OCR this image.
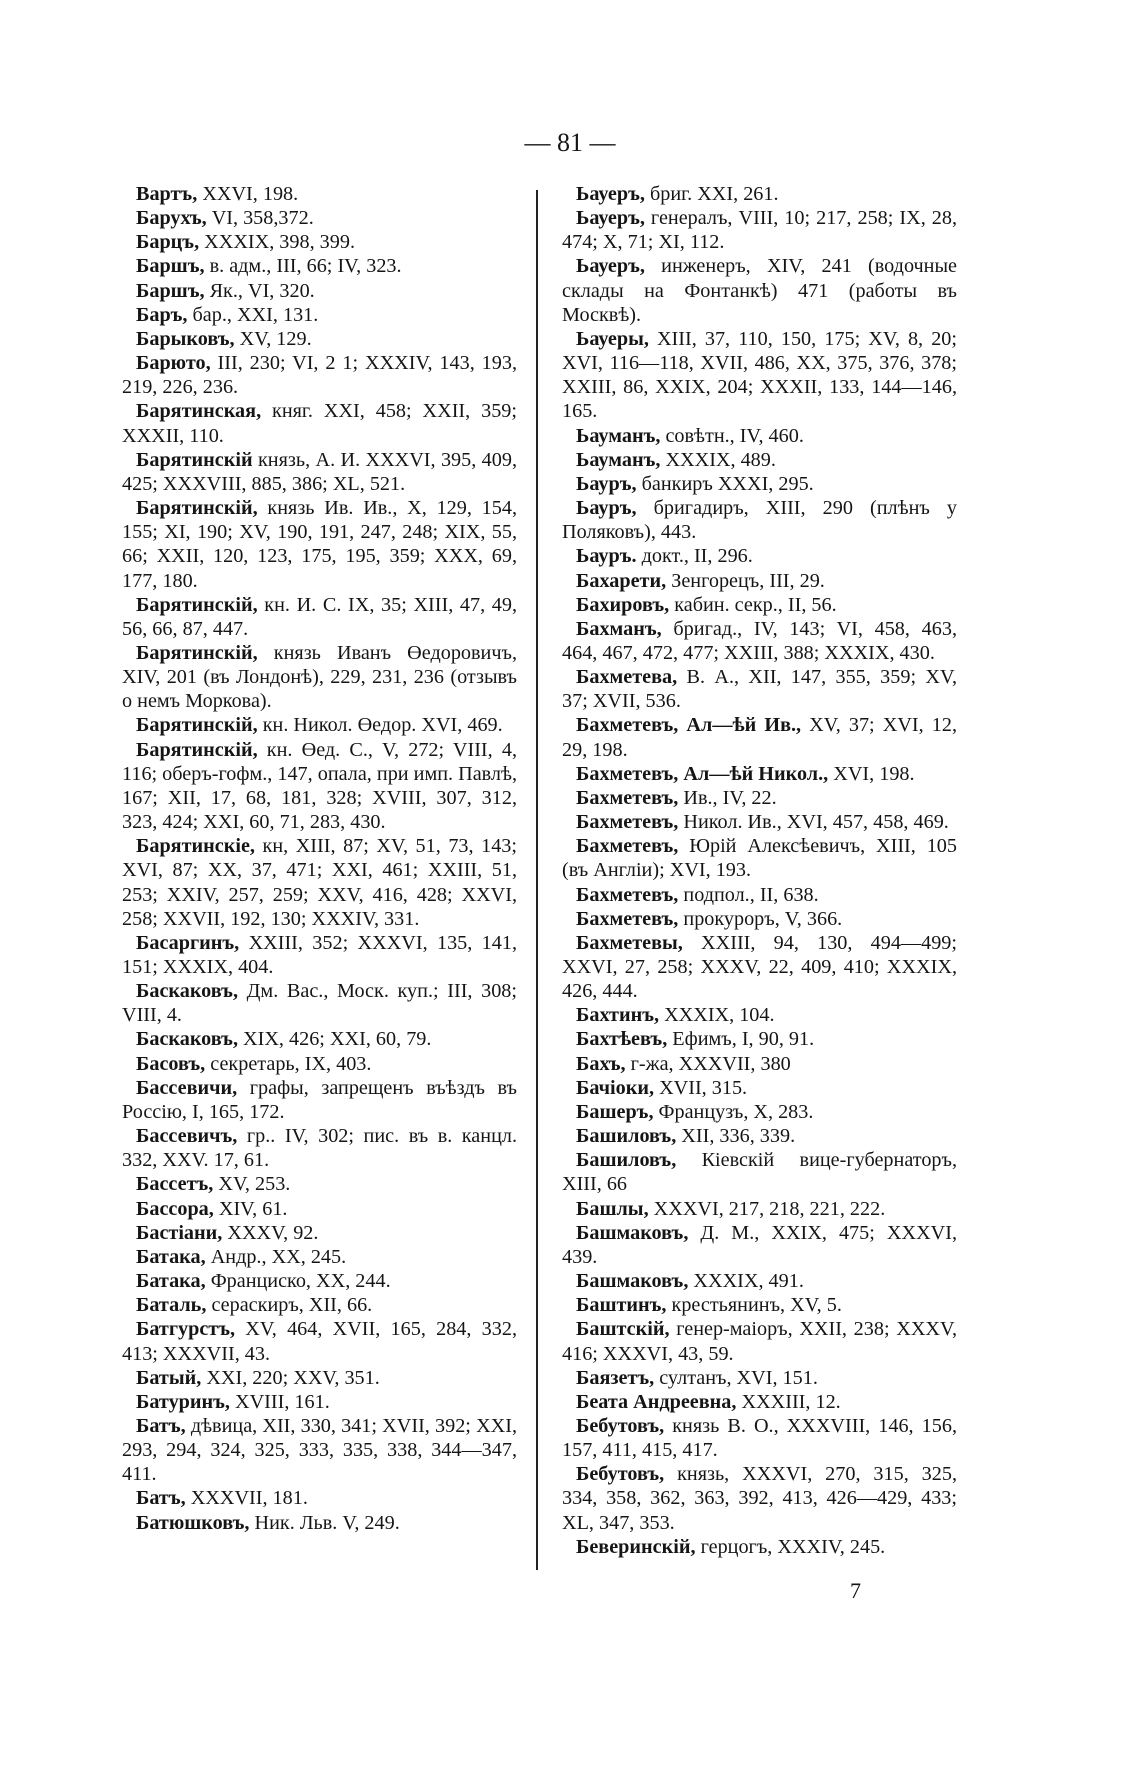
— 81 —

Вартъ, XXVI, 198.

Барухъ, VI, 358,372.

Барцъ, XXXIX, 398, 399.

Баршъ, в. адм., III, 66; IV, 323.

Баршъ, Як., VI, 320.

Баръ, бар., XXI, 131.

Барыковъ, XV, 129.

Барюто, III, 230; VI, 2 1; XXXIV, 143, 193, 219, 226, 236.

Барятинская, княг. XXI, 458; XXII, 359; XXXII, 110.

Барятинскій князь, А. И. XXXVI, 395, 409, 425; XXXVIII, 885, 386; XL, 521.

Барятинскій, князь Ив. Ив., X, 129, 154, 155; XI, 190; XV, 190, 191, 247, 248; XIX, 55, 66; XXII, 120, 123, 175, 195, 359; XXX, 69, 177, 180.

Барятинскій, кн. И. С. IX, 35; XIII, 47, 49, 56, 66, 87, 447.

Барятинскій, князь Иванъ Өедоровичъ, XIV, 201 (въ Лондонѣ), 229, 231, 236 (отзывъ о немъ Моркова).

Барятинскій, кн. Никол. Өедор. XVI, 469.

Барятинскій, кн. Өед. С., V, 272; VIII, 4, 116; оберъ-гофм., 147, опала, при имп. Павлѣ, 167; XII, 17, 68, 181, 328; XVIII, 307, 312, 323, 424; XXI, 60, 71, 283, 430.

Барятинскіе, кн, XIII, 87; XV, 51, 73, 143; XVI, 87; XX, 37, 471; XXI, 461; XXIII, 51, 253; XXIV, 257, 259; XXV, 416, 428; XXVI, 258; XXVII, 192, 130; XXXIV, 331.

Басаргинъ, XXIII, 352; XXXVI, 135, 141, 151; XXXIX, 404.

Баскаковъ, Дм. Вас., Моск. куп.; III, 308; VIII, 4.

Баскаковъ, XIX, 426; XXI, 60, 79.

Басовъ, секретарь, IX, 403.

Бассевичи, графы, запрещенъ въѣздъ въ Россію, I, 165, 172.

Бассевичъ, гр.. IV, 302; пис. въ в. канцл. 332, XXV. 17, 61.

Бассетъ, XV, 253.

Бассора, XIV, 61.

Бастіани, XXXV, 92.

Батака, Андр., XX, 245.

Батака, Франциско, XX, 244.

Баталь, сераскиръ, XII, 66.

Батгурстъ, XV, 464, XVII, 165, 284, 332, 413; XXXVII, 43.

Батый, XXI, 220; XXV, 351.

Батуринъ, XVIII, 161.

Батъ, дѣвица, XII, 330, 341; XVII, 392; XXI, 293, 294, 324, 325, 333, 335, 338, 344—347, 411.

Батъ, XXXVII, 181.

Батюшковъ, Ник. Льв. V, 249.

Ьауеръ, бриг. XXI, 261.

Ьауеръ, генералъ, VIII, 10; 217, 258; IX, 28, 474; X, 71; XI, 112.

Ьауеръ, инженеръ, XIV, 241 (водочные склады на Фонтанкѣ) 471 (работы въ Москвѣ).

Ьауеры, XIII, 37, 110, 150, 175; XV, 8, 20; XVI, 116—118, XVII, 486, XX, 375, 376, 378; XXIII, 86, XXIX, 204; XXXII, 133, 144—146, 165.

Ьауманъ, совѣтн., IV, 460.

Ьауманъ, XXXIX, 489.

Ьауръ, банкиръ XXXI, 295.

Ьауръ, бригадиръ, XIII, 290 (плѣнъ у Поляковъ), 443.

Ьауръ. докт., II, 296.

Бахарети, Зенгорецъ, III, 29.

Бахировъ, кабин. секр., II, 56.

Бахманъ, бригад., IV, 143; VI, 458, 463, 464, 467, 472, 477; XXIII, 388; XXXIX, 430.

Бахметева, В. А., XII, 147, 355, 359; XV, 37; XVII, 536.

Бахметевъ, Ал—ѣй Ив., XV, 37; XVI, 12, 29, 198.

Бахметевъ, Ал—ѣй Никол., XVI, 198.

Бахметевъ, Ив., IV, 22.

Бахметевъ, Никол. Ив., XVI, 457, 458, 469.

Бахметевъ, Юрій Алексѣевичъ, XIII, 105 (въ Англіи); XVI, 193.

Бахметевъ, подпол., II, 638.

Бахметевъ, прокуроръ, V, 366.

Бахметевы, XXIII, 94, 130, 494—499; XXVI, 27, 258; XXXV, 22, 409, 410; XXXIX, 426, 444.

Бахтинъ, XXXIX, 104.

Бахтѣевъ, Ефимъ, I, 90, 91.

Бахъ, г-жа, XXXVII, 380

Бачіоки, XVII, 315.

Башеръ, Французъ, X, 283.

Башиловъ, XII, 336, 339.

Башиловъ, Кіевскій вице-губернаторъ, XIII, 66

Башлы, XXXVI, 217, 218, 221, 222.

Башмаковъ, Д. М., XXIX, 475; XXXVI, 439.

Башмаковъ, XXXIX, 491.

Баштинъ, крестьянинъ, XV, 5.

Баштскій, генер-маіоръ, XXII, 238; XXXV, 416; XXXVI, 43, 59.

Баязетъ, султанъ, XVI, 151.

Беата Андреевна, XXXIII, 12.

Бебутовъ, князь В. О., XXXVIII, 146, 156, 157, 411, 415, 417.

Бебутовъ, князь, XXXVI, 270, 315, 325, 334, 358, 362, 363, 392, 413, 426—429, 433; XL, 347, 353.

Беверинскій, герцогъ, XXXIV, 245.

7
